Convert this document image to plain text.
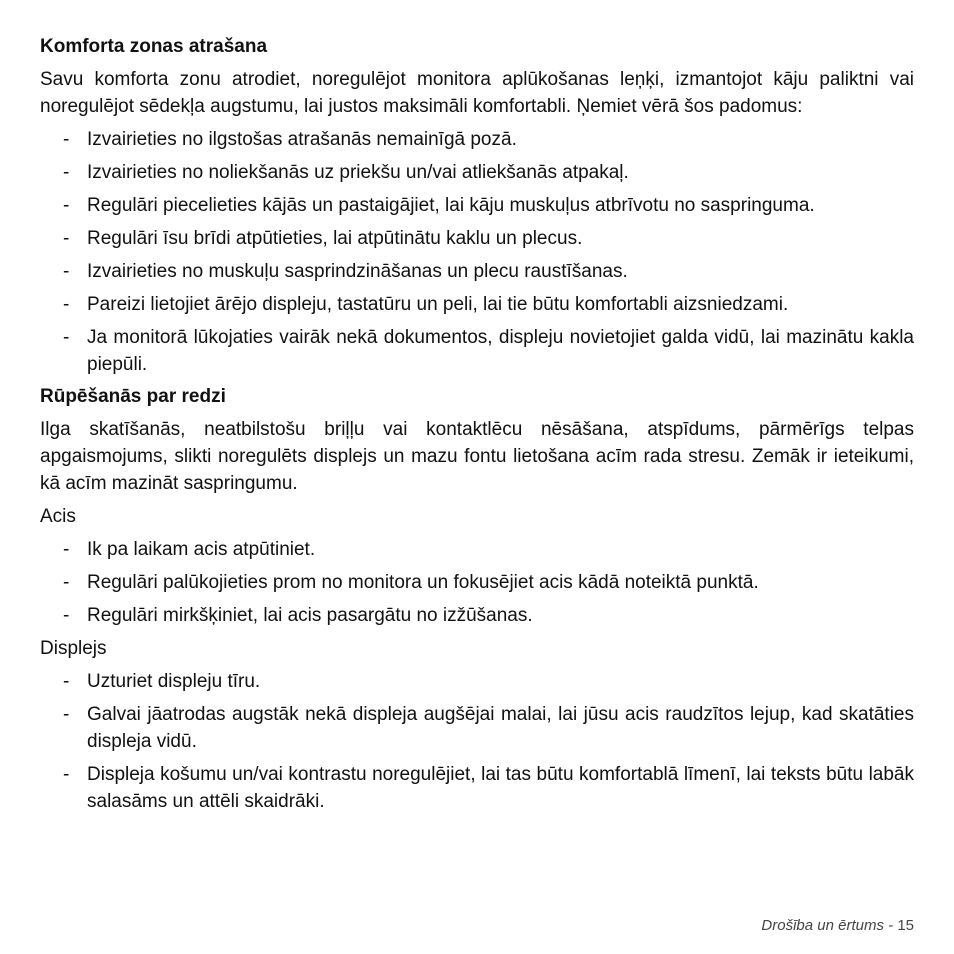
Komforta zonas atrašana
Savu komforta zonu atrodiet, noregulējot monitora aplūkošanas leņķi, izmantojot kāju paliktni vai noregulējot sēdekļa augstumu, lai justos maksimāli komfortabli. Ņemiet vērā šos padomus:
- Izvairieties no ilgstošas atrašanās nemainīgā pozā.
- Izvairieties no noliekšanās uz priekšu un/vai atliekšanās atpakaļ.
- Regulāri piecelieties kājās un pastaigājiet, lai kāju muskuļus atbrīvotu no saspringuma.
- Regulāri īsu brīdi atpūtieties, lai atpūtinātu kaklu un plecus.
- Izvairieties no muskuļu sasprindzināšanas un plecu raustīšanas.
- Pareizi lietojiet ārējo displeju, tastatūru un peli, lai tie būtu komfortabli aizsniedzami.
- Ja monitorā lūkojaties vairāk nekā dokumentos, displeju novietojiet galda vidū, lai mazinātu kakla piepūli.
Rūpēšanās par redzi
Ilga skatīšanās, neatbilstošu briļļu vai kontaktlēcu nēsāšana, atspīdums, pārmērīgs telpas apgaismojums, slikti noregulēts displejs un mazu fontu lietošana acīm rada stresu. Zemāk ir ieteikumi, kā acīm mazināt saspringumu.
Acis
- Ik pa laikam acis atpūtiniet.
- Regulāri palūkojieties prom no monitora un fokusējiet acis kādā noteiktā punktā.
- Regulāri mirkšķiniet, lai acis pasargātu no izžūšanas.
Displejs
- Uzturiet displeju tīru.
- Galvai jāatrodas augstāk nekā displeja augšējai malai, lai jūsu acis raudzītos lejup, kad skatāties displeja vidū.
- Displeja košumu un/vai kontrastu noregulējiet, lai tas būtu komfortablā līmenī, lai teksts būtu labāk salasāms un attēli skaidrāki.
Drošība un ērtums - 15
